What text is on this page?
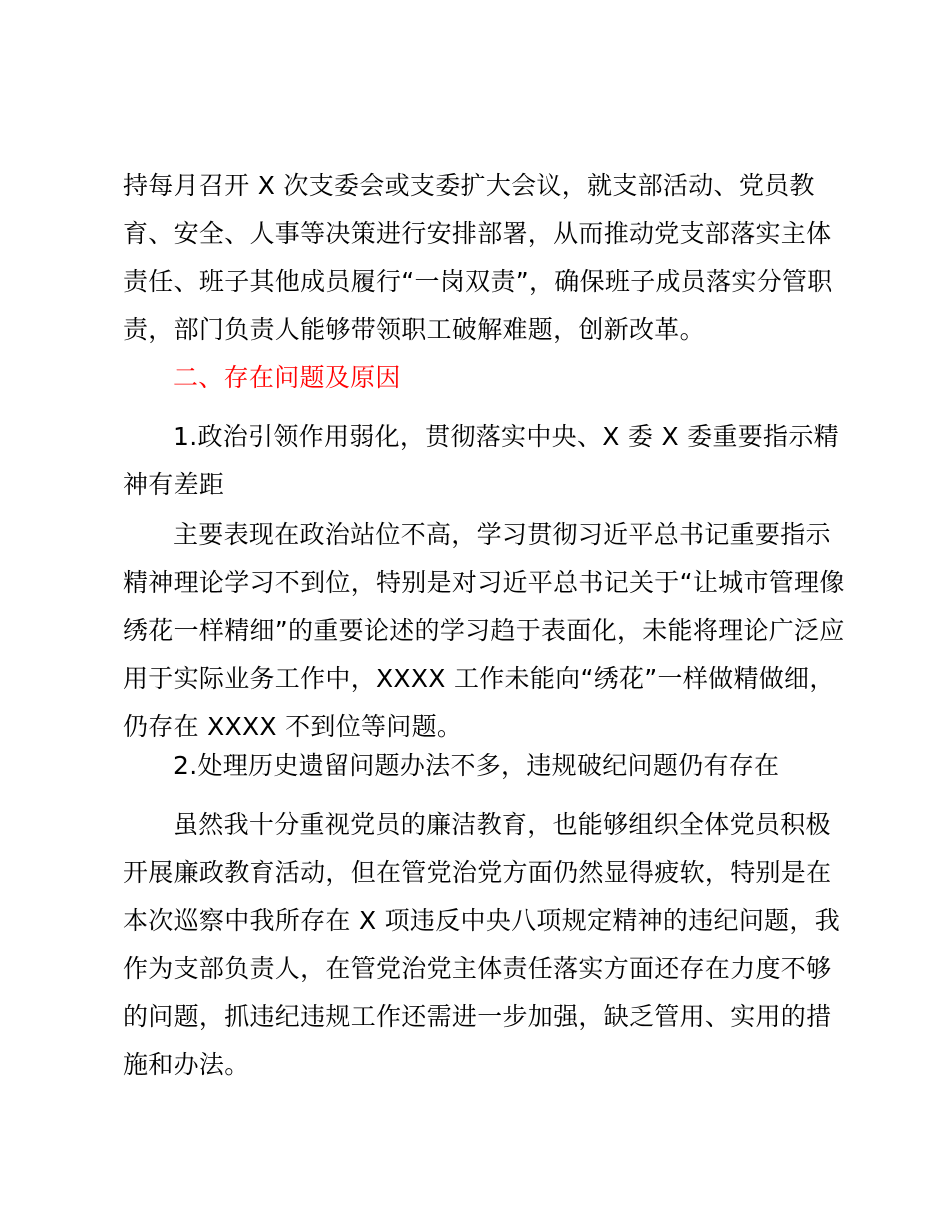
持每月召开 X 次支委会或支委扩大会议，就支部活动、党员教
育、安全、人事等决策进行安排部署，从而推动党支部落实主体
责任、班子其他成员履行“一岗双责”，确保班子成员落实分管职
责，部门负责人能够带领职工破解难题，创新改革。
二、存在问题及原因
1.政治引领作用弱化，贯彻落实中央、X 委 X 委重要指示精
神有差距
主要表现在政治站位不高，学习贯彻习近平总书记重要指示
精神理论学习不到位，特别是对习近平总书记关于“让城市管理像
绣花一样精细”的重要论述的学习趋于表面化，未能将理论广泛应
用于实际业务工作中，XXXX 工作未能向“绣花”一样做精做细，
仍存在 XXXX 不到位等问题。
2.处理历史遗留问题办法不多，违规破纪问题仍有存在
虽然我十分重视党员的廉洁教育，也能够组织全体党员积极
开展廉政教育活动，但在管党治党方面仍然显得疲软，特别是在
本次巡察中我所存在 X 项违反中央八项规定精神的违纪问题，我
作为支部负责人，在管党治党主体责任落实方面还存在力度不够
的问题，抓违纪违规工作还需进一步加强，缺乏管用、实用的措
施和办法。
